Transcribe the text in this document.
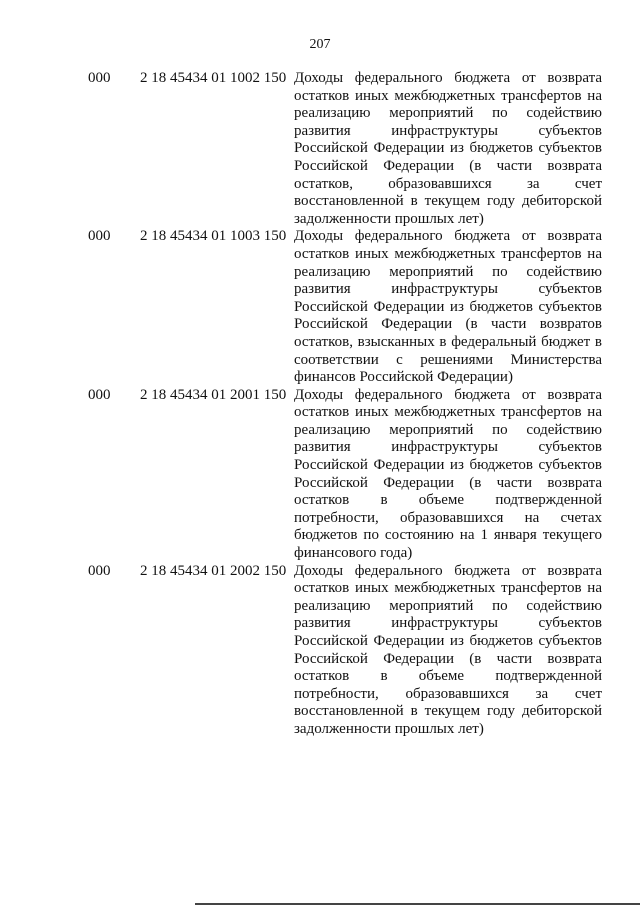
207
000	2 18 45434 01 1002 150 Доходы федерального бюджета от возврата остатков иных межбюджетных трансфертов на реализацию мероприятий по содействию развития инфраструктуры субъектов Российской Федерации из бюджетов субъектов Российской Федерации (в части возврата остатков, образовавшихся за счет восстановленной в текущем году дебиторской задолженности прошлых лет)
000	2 18 45434 01 1003 150 Доходы федерального бюджета от возврата остатков иных межбюджетных трансфертов на реализацию мероприятий по содействию развития инфраструктуры субъектов Российской Федерации из бюджетов субъектов Российской Федерации (в части возвратов остатков, взысканных в федеральный бюджет в соответствии с решениями Министерства финансов Российской Федерации)
000	2 18 45434 01 2001 150 Доходы федерального бюджета от возврата остатков иных межбюджетных трансфертов на реализацию мероприятий по содействию развития инфраструктуры субъектов Российской Федерации из бюджетов субъектов Российской Федерации (в части возврата остатков в объеме подтвержденной потребности, образовавшихся на счетах бюджетов по состоянию на 1 января текущего финансового года)
000	2 18 45434 01 2002 150 Доходы федерального бюджета от возврата остатков иных межбюджетных трансфертов на реализацию мероприятий по содействию развития инфраструктуры субъектов Российской Федерации из бюджетов субъектов Российской Федерации (в части возврата остатков в объеме подтвержденной потребности, образовавшихся за счет восстановленной в текущем году дебиторской задолженности прошлых лет)
